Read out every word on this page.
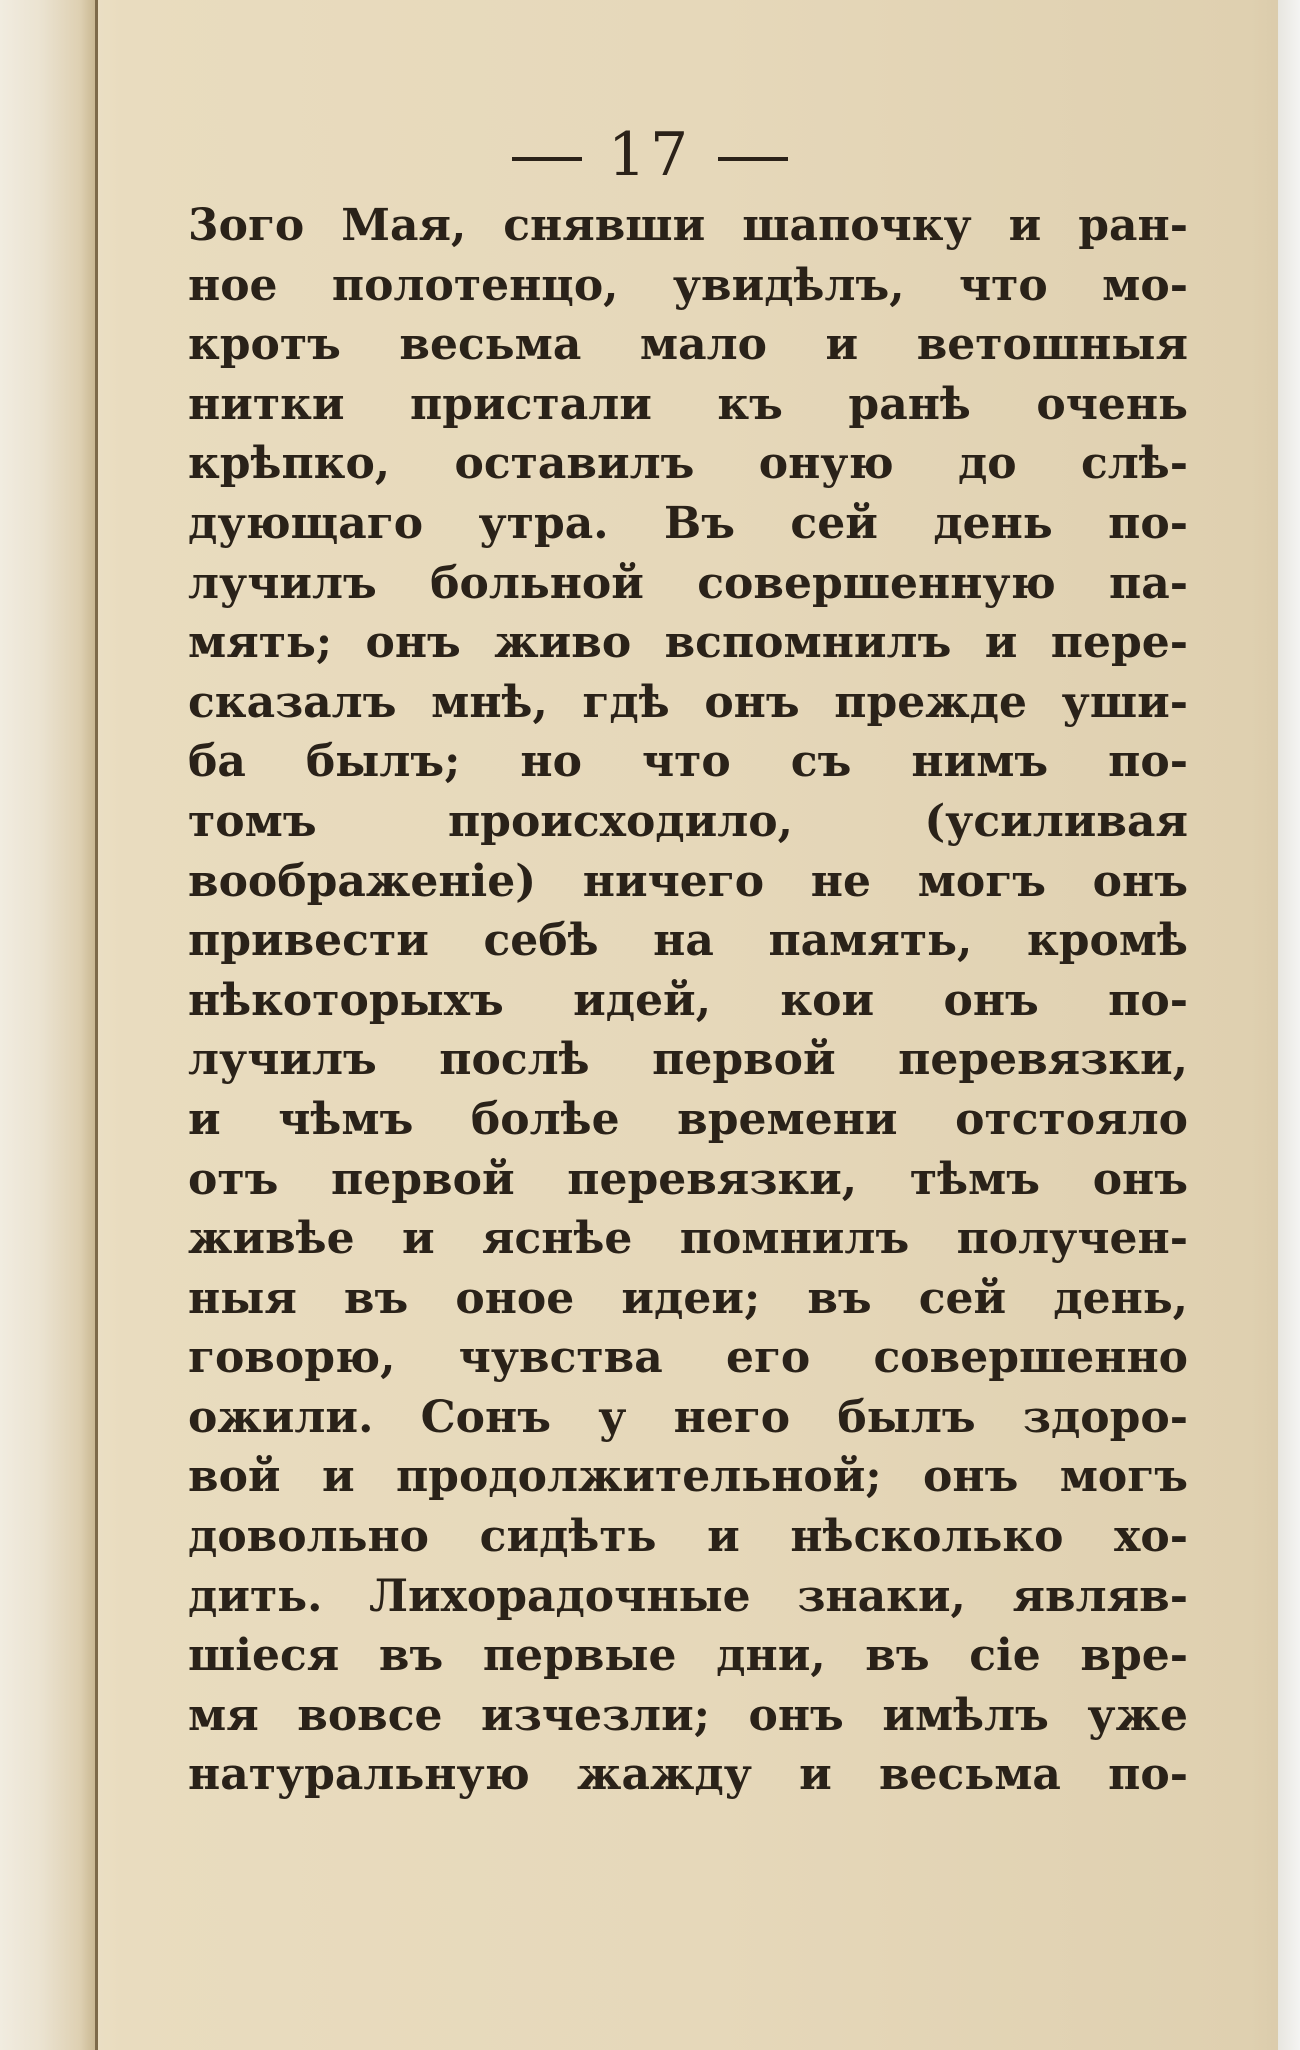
17
3ого Мая, снявши шапочку и ран-
ное полотенцо, увидѣлъ, что мо-
кротъ весьма мало и ветошныя
нитки пристали къ ранѣ очень
крѣпко, оставилъ оную до слѣ-
дующаго утра. Въ сей день по-
лучилъ больной совершенную па-
мять; онъ живо вспомнилъ и пере-
сказалъ мнѣ, гдѣ онъ прежде уши-
ба былъ; но что съ нимъ по-
томъ происходило, (усиливая
воображеніе) ничего не могъ онъ
привести себѣ на память, кромѣ
нѣкоторыхъ идей, кои онъ по-
лучилъ послѣ первой перевязки,
и чѣмъ болѣе времени отстояло
отъ первой перевязки, тѣмъ онъ
живѣе и яснѣе помнилъ получен-
ныя въ оное идеи; въ сей день,
говорю, чувства его совершенно
ожили. Сонъ у него былъ здоро-
вой и продолжительной; онъ могъ
довольно сидѣть и нѣсколько хо-
дить. Лихорадочные знаки, являв-
шіеся въ первые дни, въ сіе вре-
мя вовсе изчезли; онъ имѣлъ уже
натуральную жажду и весьма по-
